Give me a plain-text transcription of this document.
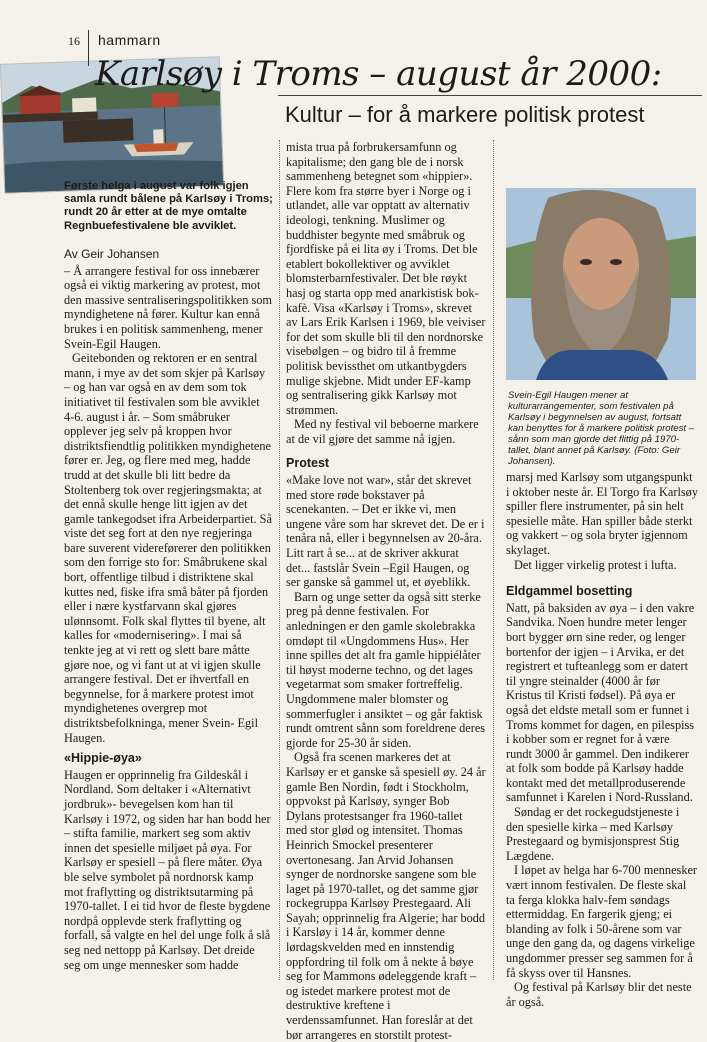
16 hammarn
Karlsøy i Troms – august år 2000:
Kultur – for å markere politisk protest
Første helga i august var folk igjen samla rundt bålene på Karlsøy i Troms; rundt 20 år etter at de mye omtalte Regnbuefestivalene ble avviklet.
Av Geir Johansen

– Å arrangere festival for oss innebærer også ei viktig markering av protest, mot den massive sentraliseringspolitikken som myndighetene nå fører. Kultur kan ennå brukes i en politisk sammenheng, mener Svein-Egil Haugen.

Geitebonden og rektoren er en sentral mann, i mye av det som skjer på Karlsøy – og han var også en av dem som tok initiativet til festivalen som ble avviklet 4-6. august i år. – Som småbruker opplever jeg selv på kroppen hvor distriktsfiendtlig politikken myndighetene fører er. Jeg, og flere med meg, hadde trudd at det skulle bli litt bedre da Stoltenberg tok over regjeringsmakta; at det ennå skulle henge litt igjen av det gamle tankegodset ifra Arbeiderpartiet. Så viste det seg fort at den nye regjeringa bare suverent videreførerer den politikken som den forrige sto for: Småbrukene skal bort, offentlige tilbud i distriktene skal kuttes ned, fiske ifra små båter på fjorden eller i nære kystfarvann skal gjøres ulønnsomt. Folk skal flyttes til byene, alt kalles for «modernisering». I mai så tenkte jeg at vi rett og slett bare måtte gjøre noe, og vi fant ut at vi igjen skulle arrangere festival. Det er ihvertfall en begynnelse, for å markere protest imot myndighetenes overgrep mot distriktsbefolkninga, mener Svein- Egil Haugen.

«Hippie-øya»

Haugen er opprinnelig fra Gildeskål i Nordland. Som deltaker i «Alternativt jordbruk»- bevegelsen kom han til Karlsøy i 1972, og siden har han bodd her – stifta familie, markert seg som aktiv innen det spesielle miljøet på øya. For Karlsøy er spesiell – på flere måter. Øya ble selve symbolet på nordnorsk kamp mot fraflytting og distriktsutarming på 1970-tallet. I ei tid hvor de fleste bygdene nordpå opplevde sterk fraflytting og forfall, så valgte en hel del unge folk å slå seg ned nettopp på Karlsøy. Det dreide seg om unge mennesker som hadde

mista trua på forbrukersamfunn og kapitalisme; den gang ble de i norsk sammenheng betegnet som «hippier». Flere kom fra større byer i Norge og i utlandet, alle var opptatt av alternativ ideologi, tenkning. Muslimer og buddhister begynte med småbruk og fjordfiske på ei lita øy i Troms. Det ble etablert bokollektiver og avviklet blomsterbarnfestivaler. Det ble røykt hasj og starta opp med anarkistisk bok-kafè. Visa «Karlsøy i Troms», skrevet av Lars Erik Karlsen i 1969, ble veiviser for det som skulle bli til den nordnorske visebølgen – og bidro til å fremme politisk bevissthet om utkantbygders mulige skjebne. Midt under EF-kamp og sentralisering gikk Karlsøy mot strømmen.

Med ny festival vil beboerne markere at de vil gjøre det samme nå igjen.

Protest

«Make love not war», står det skrevet med store røde bokstaver på scenekanten. – Det er ikke vi, men ungene våre som har skrevet det. De er i tenåra nå, eller i begynnelsen av 20-åra. Litt rart å se... at de skriver akkurat det... fastslår Svein –Egil Haugen, og ser ganske så gammel ut, et øyeblikk.

Barn og unge setter da også sitt sterke preg på denne festivalen. For anledningen er den gamle skolebrakka omdøpt til «Ungdommens Hus». Her inne spilles det alt fra gamle hippiélåter til høyst moderne techno, og det lages vegetarmat som smaker fortreffelig. Ungdommene maler blomster og sommerfugler i ansiktet – og går faktisk rundt omtrent sånn som foreldrene deres gjorde for 25-30 år siden.

Også fra scenen markeres det at Karlsøy er et ganske så spesiell øy. 24 år gamle Ben Nordin, født i Stockholm, oppvokst på Karlsøy, synger Bob Dylans protestsanger fra 1960-tallet med stor glød og intensitet. Thomas Heinrich Smockel presenterer overtonesang. Jan Arvid Johansen synger de nordnorske sangene som ble laget på 1970-tallet, og det samme gjør rockegruppa Karlsøy Prestegaard. Ali Sayah; opprinnelig fra Algerie; har bodd i Karsløy i 14 år, kommer denne lørdagskvelden med en innstendig oppfordring til folk om å nekte å bøye seg for Mammons ødeleggende kraft – og istedet markere protest mot de destruktive kreftene i verdenssamfunnet. Han foreslår at det bør arrangeres en storstilt protest-

Svein-Egil Haugen mener at kulturarrangementer, som festivalen på Karlsøy i begynnelsen av august, fortsatt kan benyttes for å markere politisk protest – sånn som man gjorde det flittig på 1970-tallet, blant annet på Karlsøy. (Foto: Geir Johansen).

marsj med Karlsøy som utgangspunkt i oktober neste år. El Torgo fra Karlsøy spiller flere instrumenter, på sin helt spesielle måte. Han spiller både sterkt og vakkert – og sola bryter igjennom skylaget.

Det ligger virkelig protest i lufta.

Eldgammel bosetting

Natt, på baksiden av øya – i den vakre Sandvika. Noen hundre meter lenger bort bygger ørn sine reder, og lenger bortenfor der igjen – i Arvika, er det registrert et tufteanlegg som er datert til yngre steinalder (4000 år før Kristus til Kristi fødsel). På øya er også det eldste metall som er funnet i Troms kommet for dagen, en pilespiss i kobber som er regnet for å være rundt 3000 år gammel. Den indikerer at folk som bodde på Karlsøy hadde kontakt med det metallproduserende samfunnet i Karelen i Nord-Russland.

Søndag er det rockegudstjeneste i den spesielle kirka – med Karlsøy Prestegaard og bymisjonsprest Stig Lægdene.

I løpet av helga har 6-700 mennesker vært innom festivalen. De fleste skal ta ferga klokka halv-fem søndags ettermiddag. En fargerik gjeng; ei blanding av folk i 50-årene som var unge den gang da, og dagens virkelige ungdommer presser seg sammen for å få skyss over til Hansnes.

Og festival på Karlsøy blir det neste år også.
